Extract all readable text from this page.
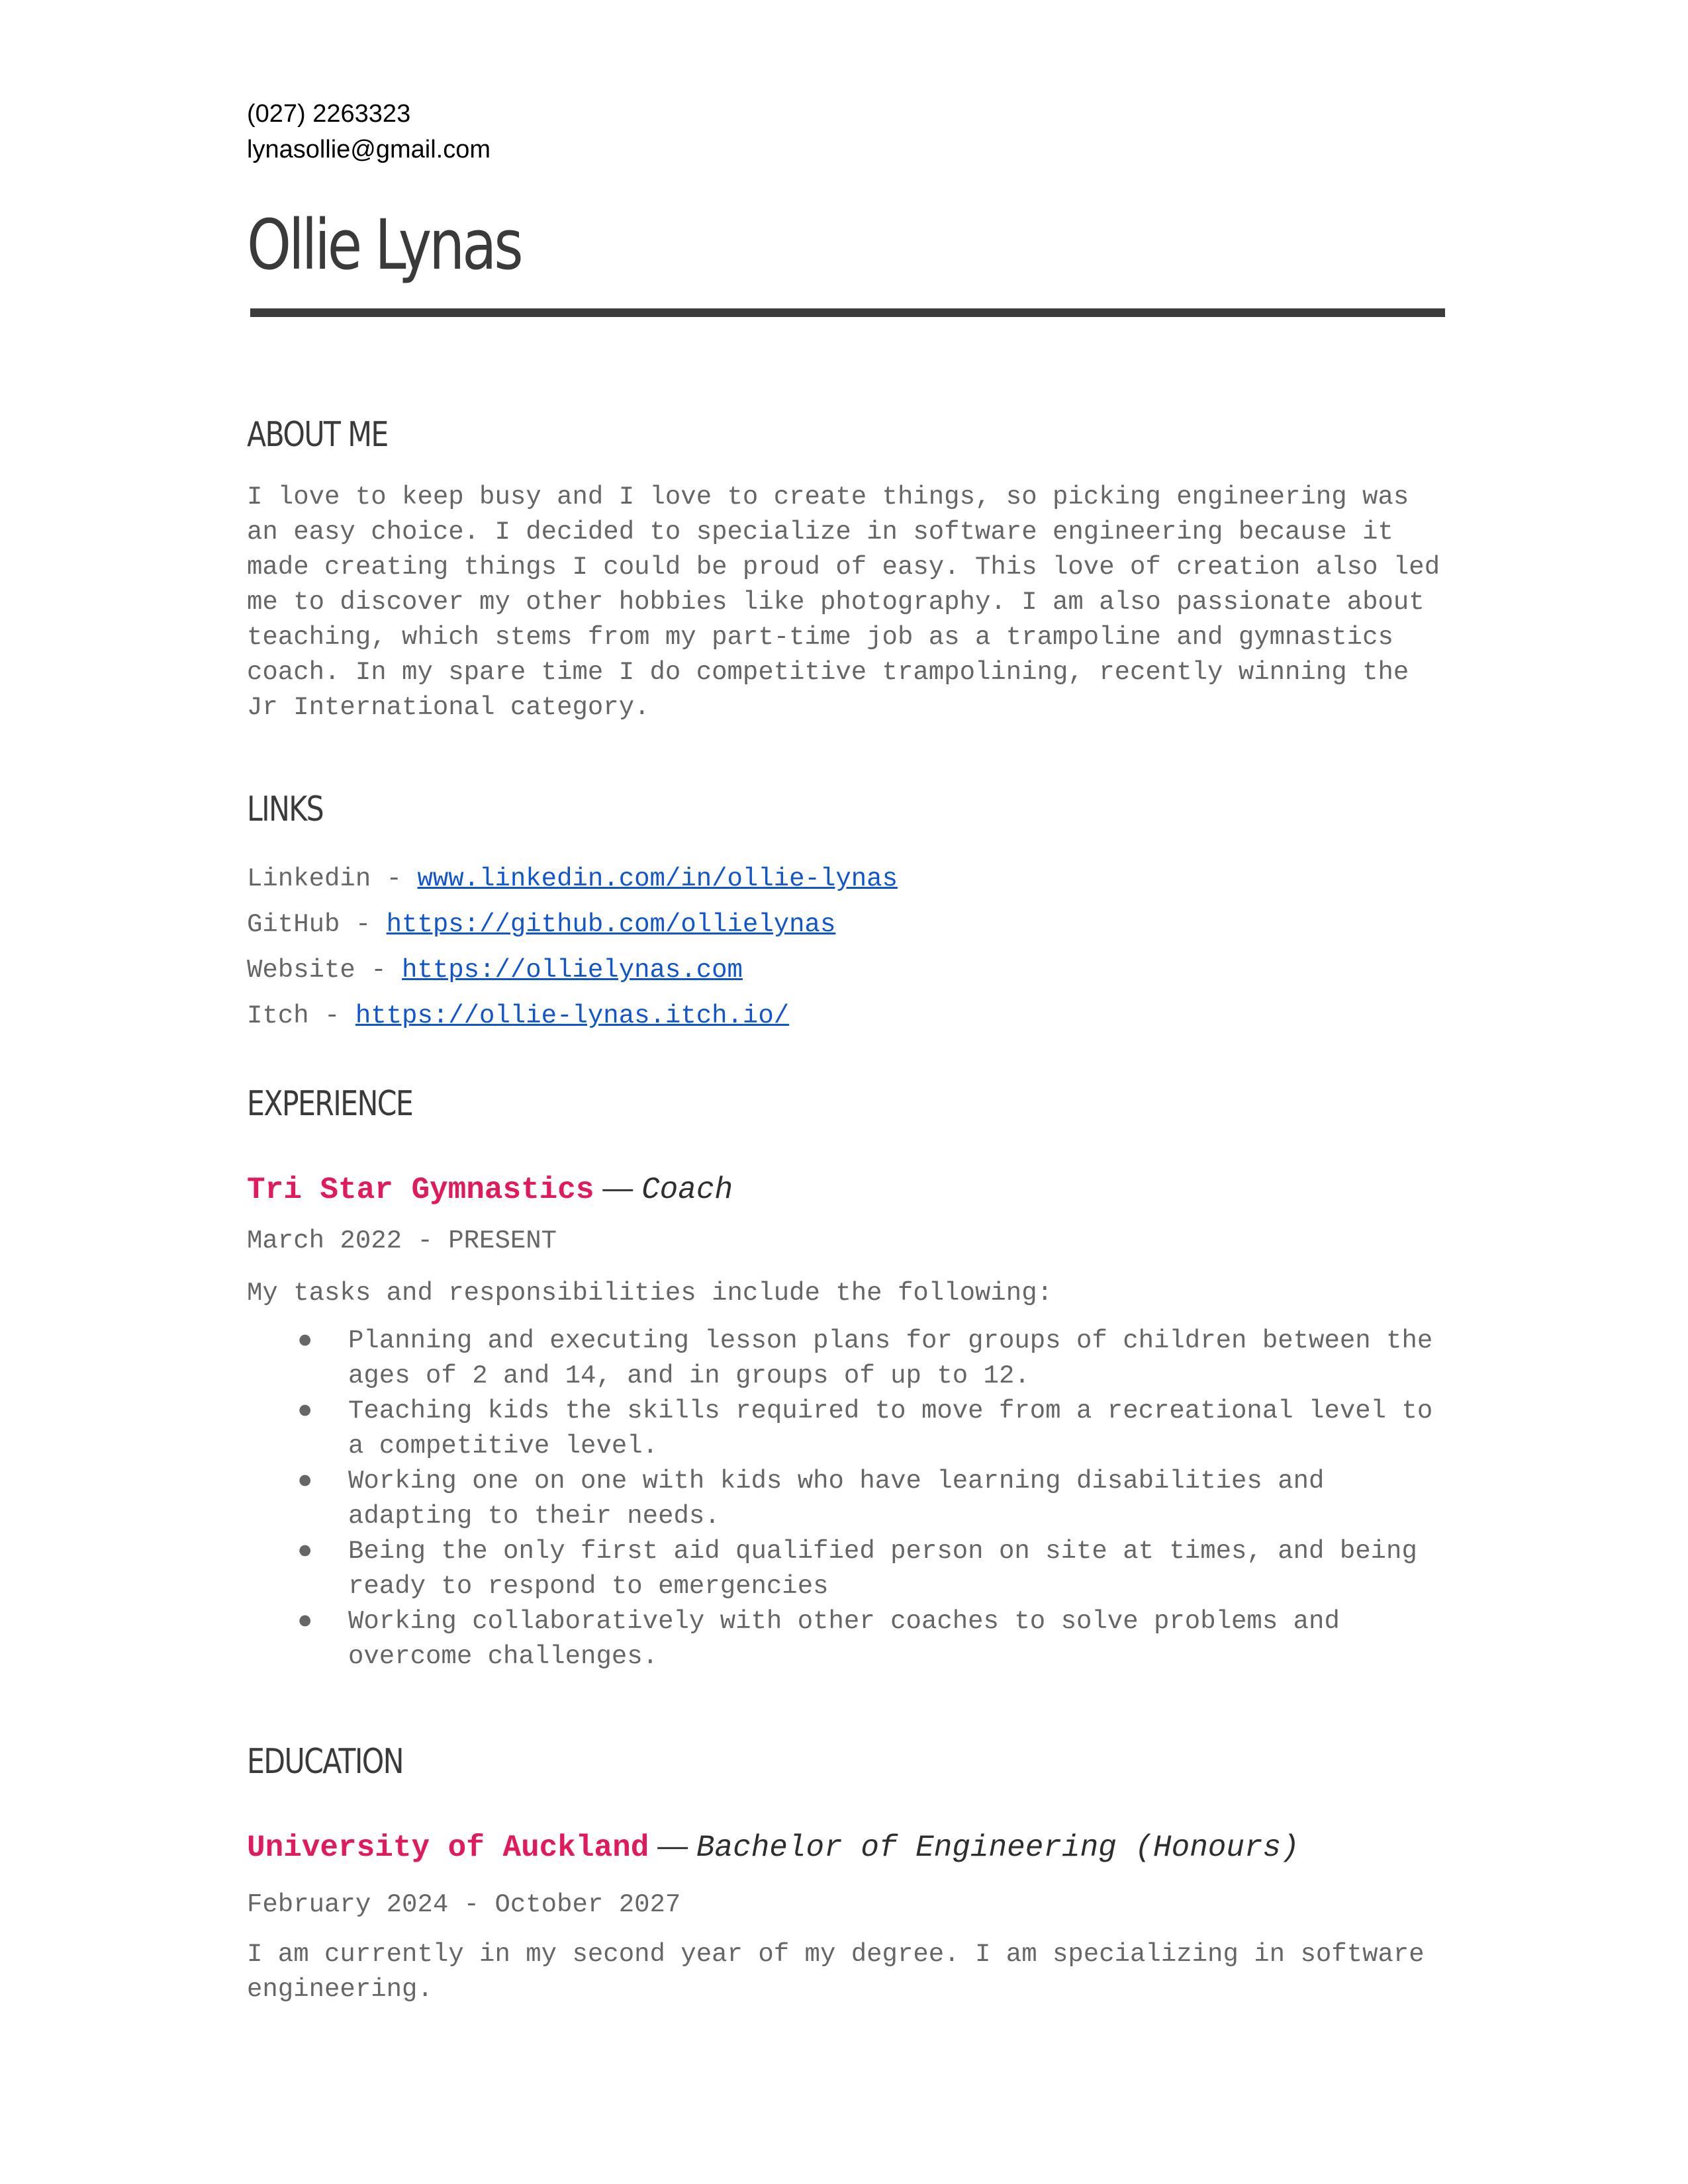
(027) 2263323
lynasollie@gmail.com
Ollie Lynas
ABOUT ME

I love to keep busy and I love to create things, so picking engineering was an easy choice. I decided to specialize in software engineering because it made creating things I could be proud of easy. This love of creation also led me to discover my other hobbies like photography. I am also passionate about teaching, which stems from my part-time job as a trampoline and gymnastics coach. In my spare time I do competitive trampolining, recently winning the Jr International category.

LINKS
Linkedin - www.linkedin.com/in/ollie-lynas
GitHub - https://github.com/ollielynas
Website - https://ollielynas.com
Itch - https://ollie-lynas.itch.io/
EXPERIENCE
Tri Star Gymnastics — Coach

March 2022 - PRESENT

My tasks and responsibilities include the following:

● Planning and executing lesson plans for groups of children between the ages of 2 and 14, and in groups of up to 12.
● Teaching kids the skills required to move from a recreational level to a competitive level.
● Working one on one with kids who have learning disabilities and adapting to their needs.
● Being the only first aid qualified person on site at times, and being ready to respond to emergencies
● Working collaboratively with other coaches to solve problems and overcome challenges.
EDUCATION
University of Auckland — Bachelor of Engineering (Honours)

February 2024 - October 2027

I am currently in my second year of my degree. I am specializing in software engineering.
